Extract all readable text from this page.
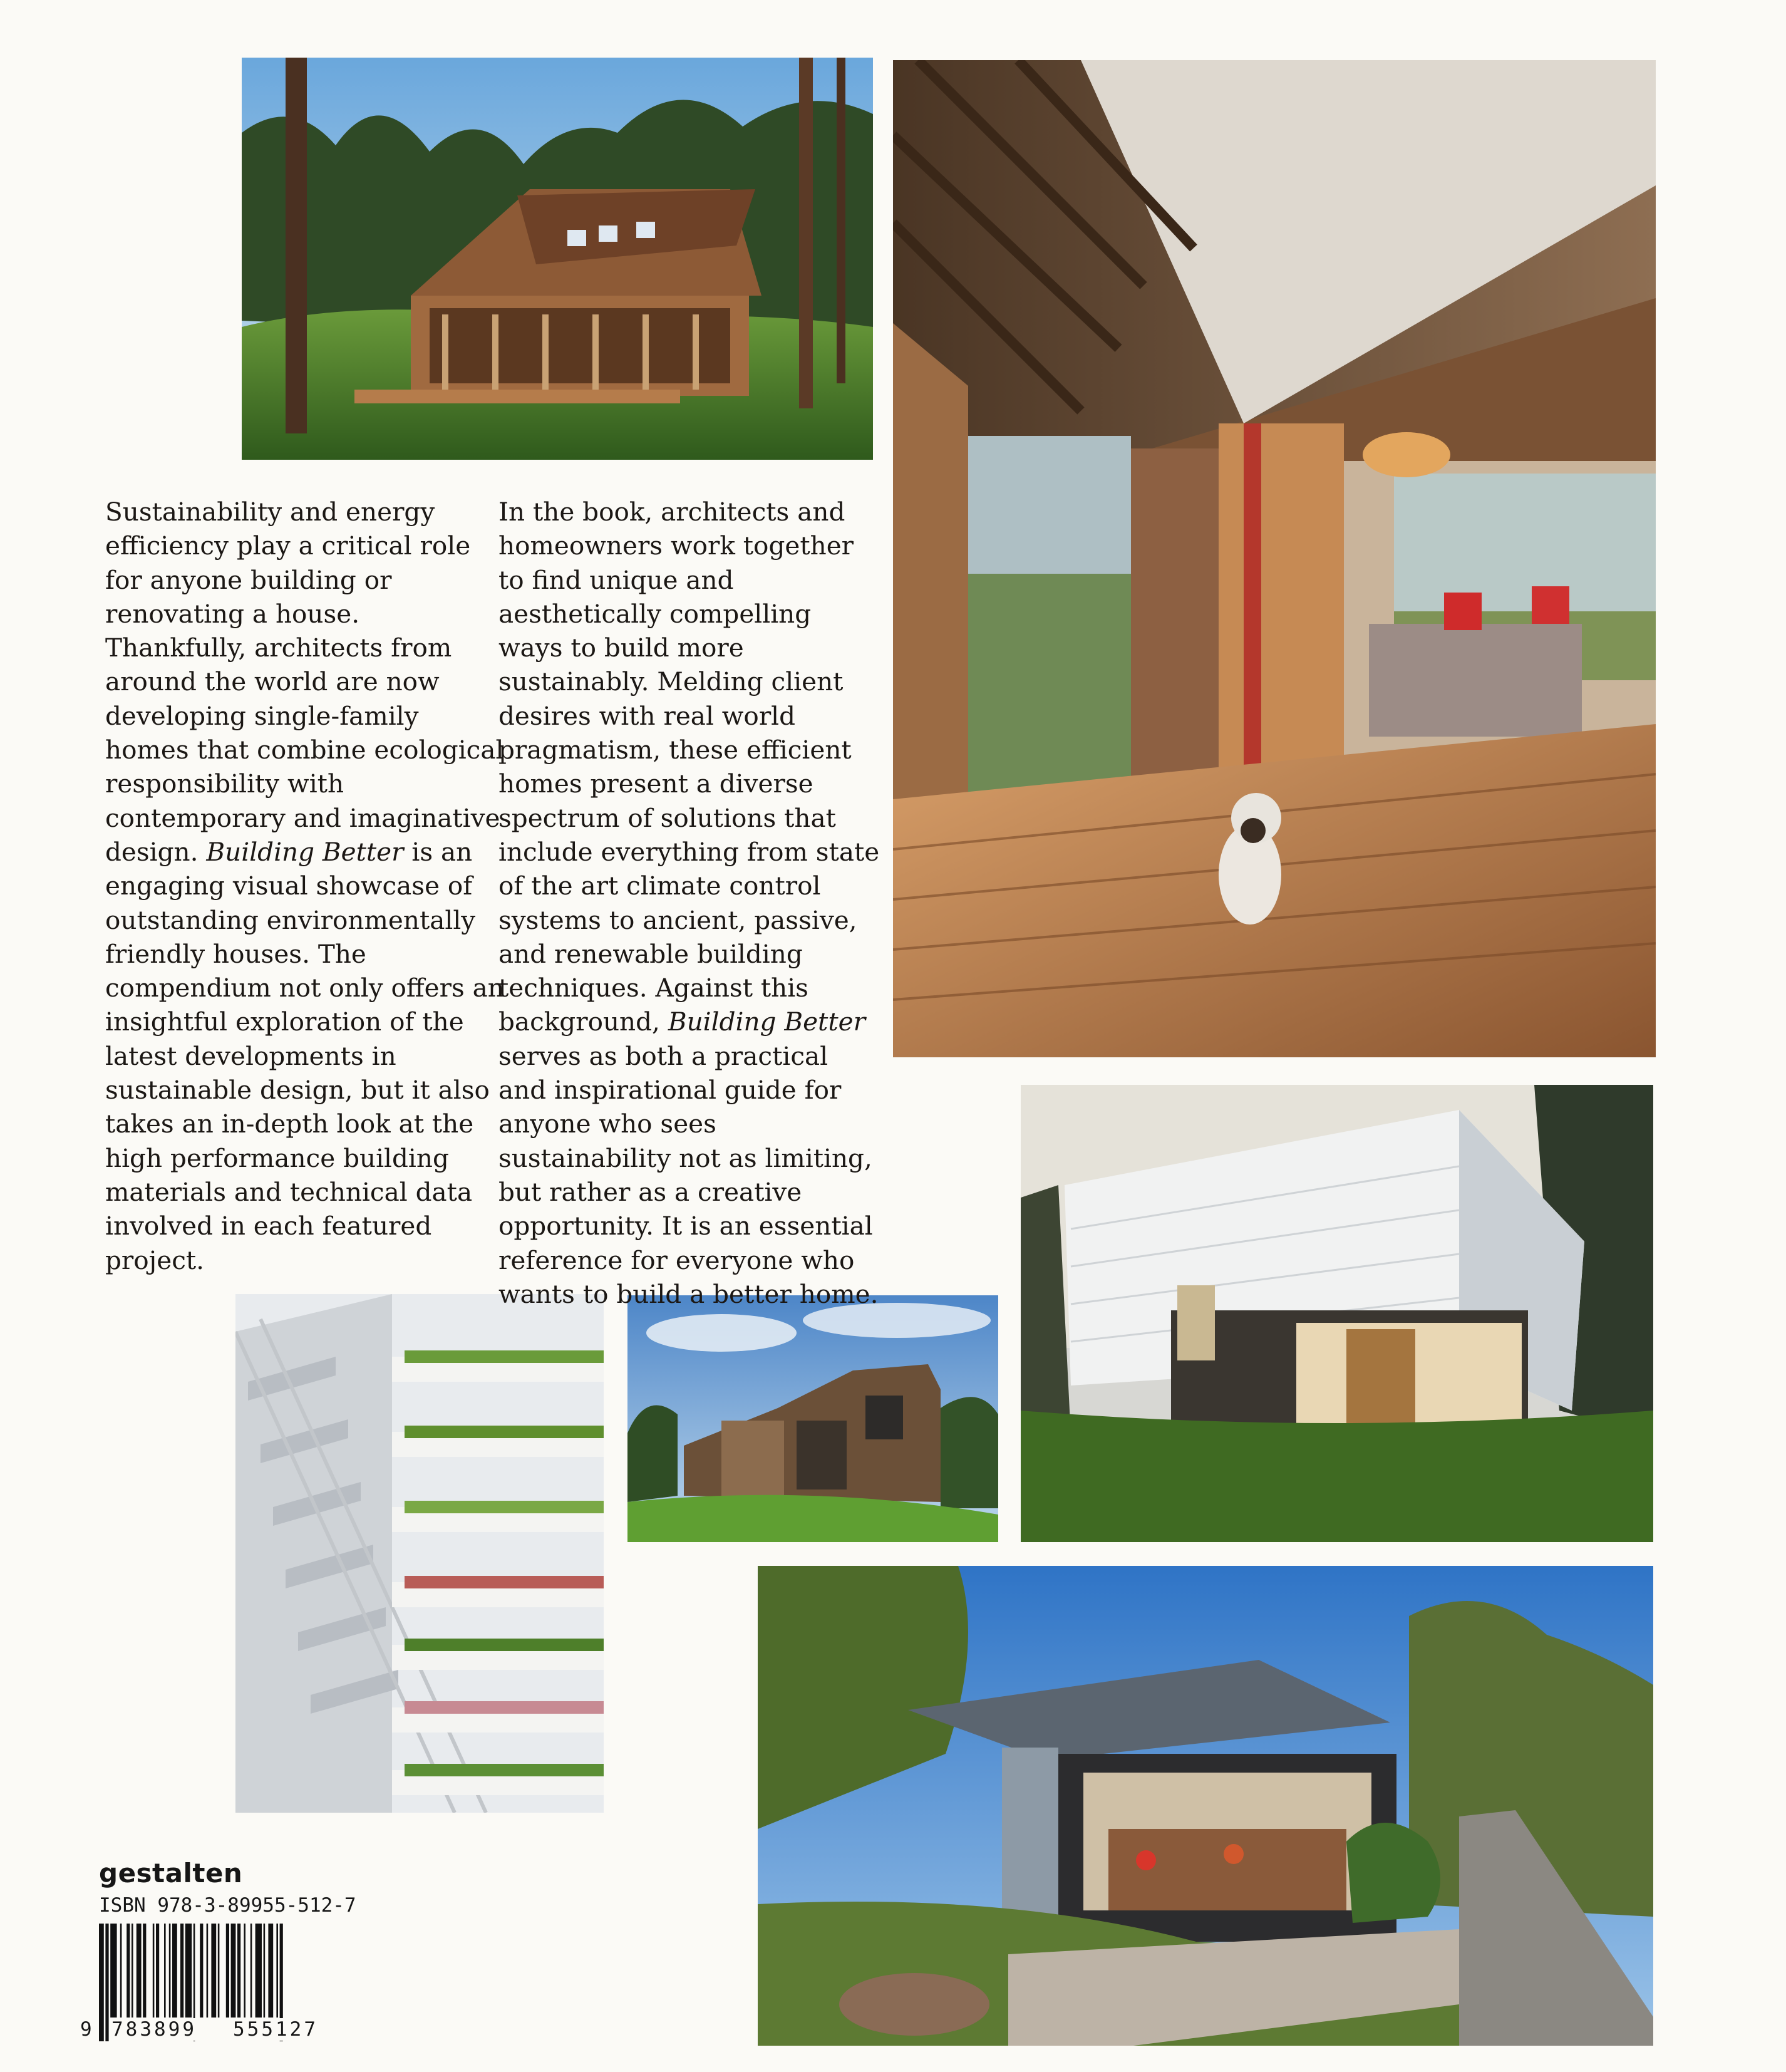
Sustainability and energy efficiency play a critical role for anyone building or renovating a house. Thankfully, architects from around the world are now developing single-family homes that combine ecological responsibility with contemporary and imaginative design. Building Better is an engaging visual showcase of outstanding environmentally friendly houses. The compendium not only offers an insightful exploration of the latest developments in sustainable design, but it also takes an in-depth look at the high performance building materials and technical data involved in each featured project.

In the book, architects and homeowners work together to find unique and aesthetically compelling ways to build more sustainably. Melding client desires with real world pragmatism, these efficient homes present a diverse spectrum of solutions that include everything from state of the art climate control systems to ancient, passive, and renewable building techniques. Against this background, Building Better serves as both a practical and inspirational guide for anyone who sees sustainability not as limiting, but rather as a creative opportunity. It is an essential reference for everyone who wants to build a better home.

gestalten
ISBN 978-3-89955-512-7
9 783899 555127
